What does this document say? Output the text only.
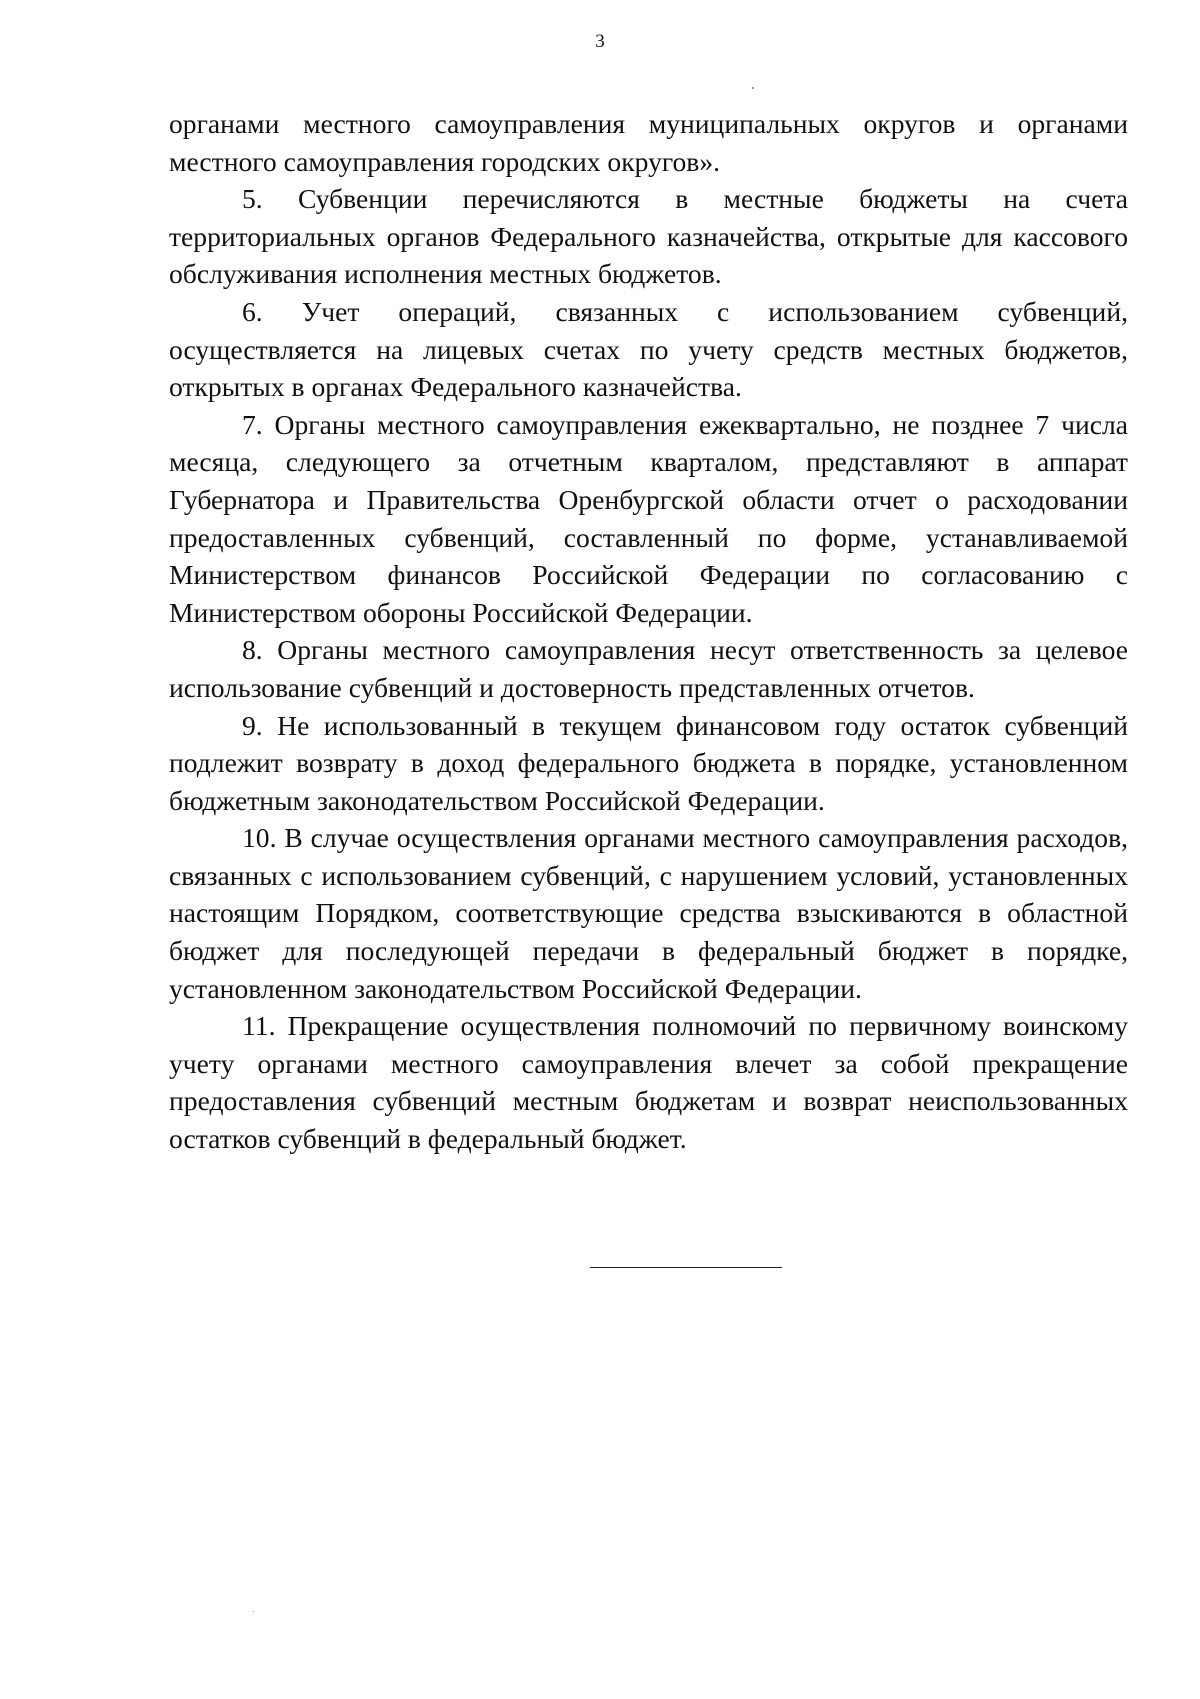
3

органами местного самоуправления муниципальных округов и органами местного самоуправления городских округов».

5. Субвенции перечисляются в местные бюджеты на счета территориальных органов Федерального казначейства, открытые для кассового обслуживания исполнения местных бюджетов.

6. Учет операций, связанных с использованием субвенций, осуществляется на лицевых счетах по учету средств местных бюджетов, открытых в органах Федерального казначейства.

7. Органы местного самоуправления ежеквартально, не позднее 7 числа месяца, следующего за отчетным кварталом, представляют в аппарат Губернатора и Правительства Оренбургской области отчет о расходовании предоставленных субвенций, составленный по форме, устанавливаемой Министерством финансов Российской Федерации по согласованию с Министерством обороны Российской Федерации.

8. Органы местного самоуправления несут ответственность за целевое использование субвенций и достоверность представленных отчетов.

9. Не использованный в текущем финансовом году остаток субвенций подлежит возврату в доход федерального бюджета в порядке, установленном бюджетным законодательством Российской Федерации.

10. В случае осуществления органами местного самоуправления расходов, связанных с использованием субвенций, с нарушением условий, установленных настоящим Порядком, соответствующие средства взыскиваются в областной бюджет для последующей передачи в федеральный бюджет в порядке, установленном законодательством Российской Федерации.

11. Прекращение осуществления полномочий по первичному воинскому учету органами местного самоуправления влечет за собой прекращение предоставления субвенций местным бюджетам и возврат неиспользованных остатков субвенций в федеральный бюджет.
